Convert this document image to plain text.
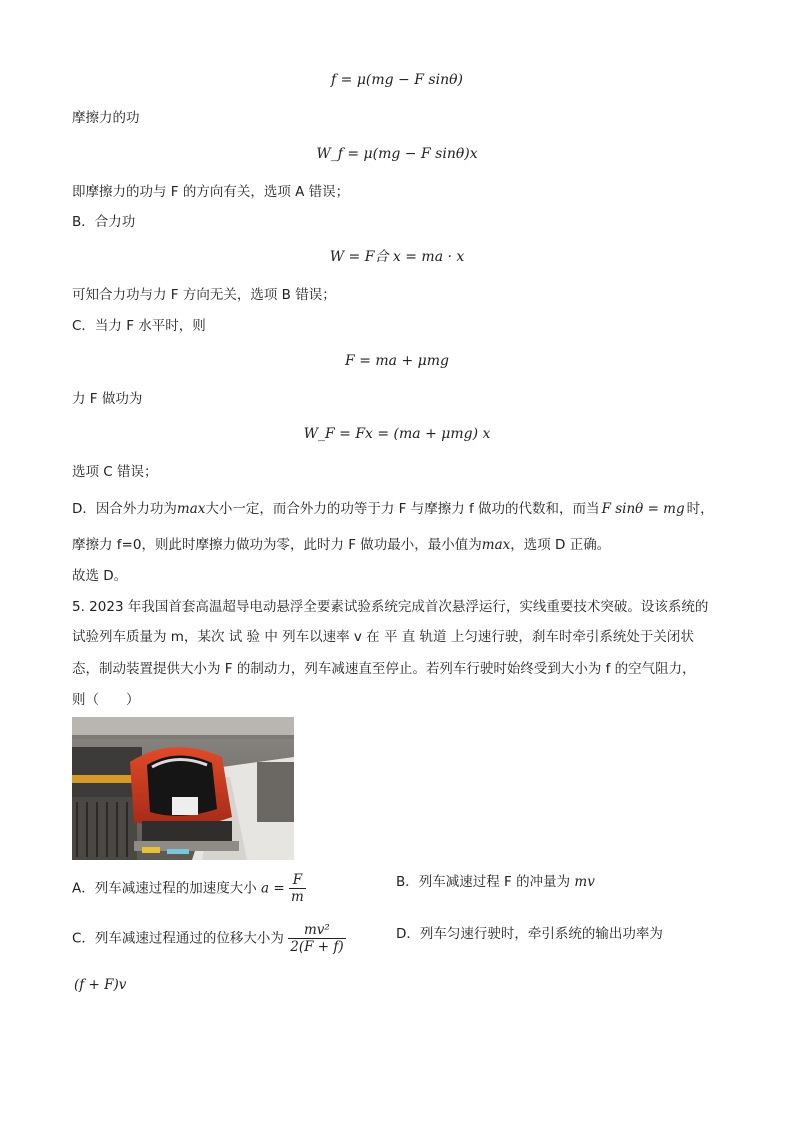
f = μ(mg − F sinθ)
摩擦力的功
W_f = μ(mg − F sinθ)x
即摩擦力的功与 F 的方向有关，选项 A 错误；
B．合力功
W = F合 x = ma · x
可知合力功与力 F 方向无关，选项 B 错误；
C．当力 F 水平时，则
F = ma + μmg
力 F 做功为
W_F = Fx = (ma + μmg) x
选项 C 错误；
D．因合外力功为max大小一定，而合外力的功等于力 F 与摩擦力 f 做功的代数和，而当 F sinθ = mg 时，
摩擦力 f=0，则此时摩擦力做功为零，此时力 F 做功最小，最小值为max，选项 D 正确。
故选 D。
5. 2023 年我国首套高温超导电动悬浮全要素试验系统完成首次悬浮运行，实线重要技术突破。设该系统的
试验列车质量为 m，某次 试 验 中 列车以速率 v 在 平 直 轨道 上匀速行驶，刹车时牵引系统处于关闭状
态，制动装置提供大小为 F 的制动力，列车减速直至停止。若列车行驶时始终受到大小为 f 的空气阻力，
则（　　）
A．列车减速过程的加速度大小 $a = \frac{F}{m}$	B．列车减速过程 F 的冲量为 mv
C．列车减速过程通过的位移大小为 $\frac{\text{mv²}}{2(F + f)}$	D．列车匀速行驶时，牵引系统的输出功率为
(f + F)v
